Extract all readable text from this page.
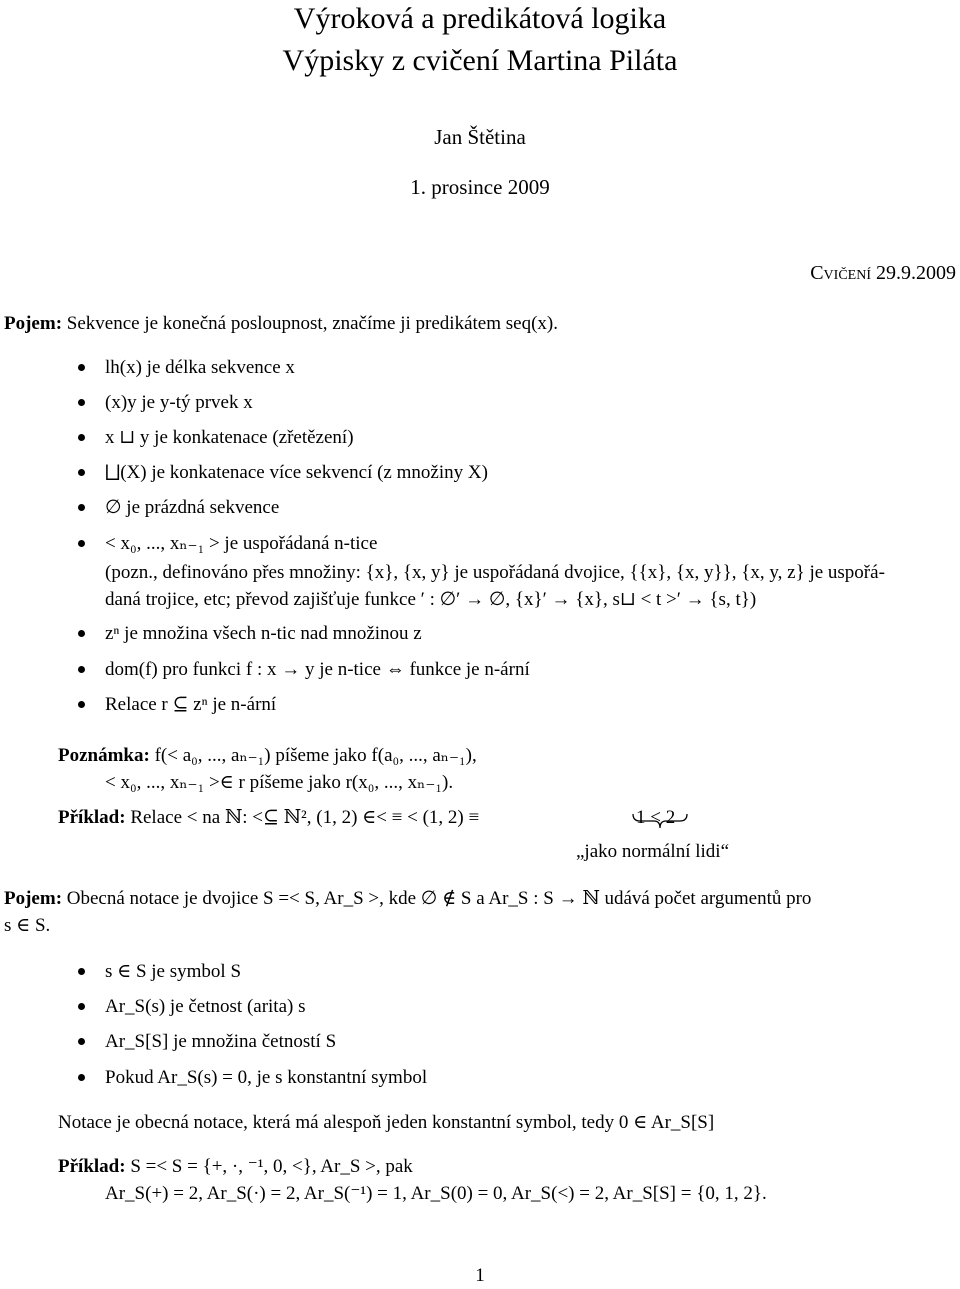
Výroková a predikátová logika
Výpisky z cvičení Martina Piláta
Jan Štětina
1. prosince 2009
Cvičení 29.9.2009
Pojem: Sekvence je konečná posloupnost, značíme ji predikátem seq(x).
lh(x) je délka sekvence x
(x)y je y-tý prvek x
x ⊔ y je konkatenace (zřetězení)
⨆(X) je konkatenace více sekvencí (z množiny X)
∅ je prázdná sekvence
< x₀, ..., xₙ₋₁ > je uspořádaná n-tice
(pozn., definováno přes množiny: {x}, {x, y} je uspořádaná dvojice, {{x}, {x, y}}, {x, y, z} je uspořá-
daná trojice, etc; převod zajišťuje funkce ′ : ∅′ → ∅, {x}′ → {x}, s⊔ < t >′ → {s, t})
zⁿ je množina všech n-tic nad množinou z
dom(f) pro funkci f : x → y je n-tice ⇔ funkce je n-ární
Relace r ⊆ zⁿ je n-ární
Poznámka: f(< a₀, ..., aₙ₋₁) píšeme jako f(a₀, ..., aₙ₋₁),
< x₀, ..., xₙ₋₁ >∈ r píšeme jako r(x₀, ..., xₙ₋₁).
Příklad: Relace < na ℕ: <⊆ ℕ², (1, 2) ∈< ≡ < (1, 2) ≡	1 < 2
„jako normální lidi“
Pojem: Obecná notace je dvojice S =< S, Ar_S >, kde ∅ ∉ S a Ar_S : S → ℕ udává počet argumentů pro
s ∈ S.
s ∈ S je symbol S
Ar_S(s) je četnost (arita) s
Ar_S[S] je množina četností S
Pokud Ar_S(s) = 0, je s konstantní symbol
Notace je obecná notace, která má alespoň jeden konstantní symbol, tedy 0 ∈ Ar_S[S]
Příklad: S =< S = {+, ·, ⁻¹, 0, <}, Ar_S >, pak
Ar_S(+) = 2, Ar_S(·) = 2, Ar_S(⁻¹) = 1, Ar_S(0) = 0, Ar_S(<) = 2, Ar_S[S] = {0, 1, 2}.
1
